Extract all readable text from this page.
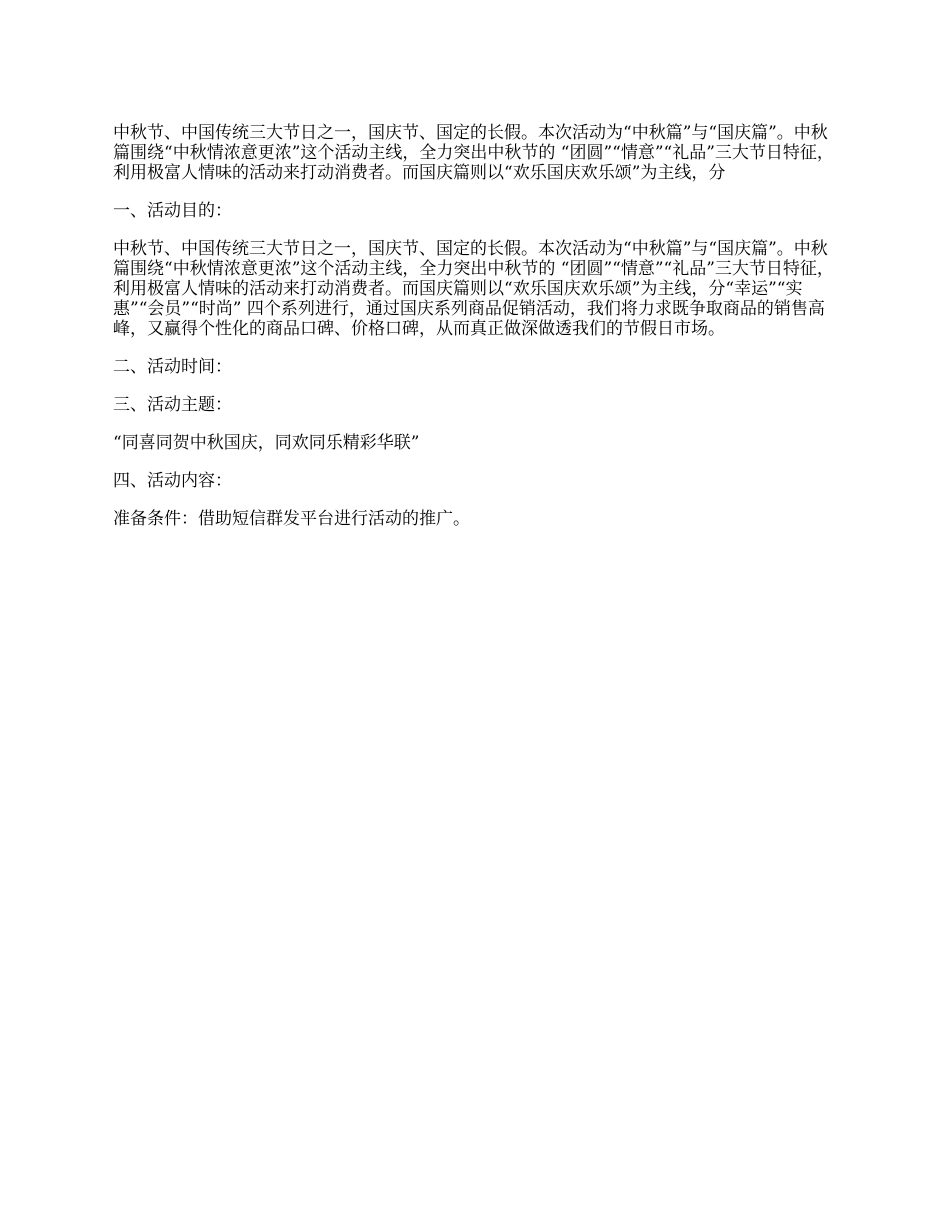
中秋节、中国传统三大节日之一，国庆节、国定的长假。本次活动为“中秋篇”与“国庆篇”。中秋篇围绕“中秋情浓意更浓”这个活动主线，全力突出中秋节的 “团圆”“情意”“礼品”三大节日特征，利用极富人情味的活动来打动消费者。而国庆篇则以“欢乐国庆欢乐颂”为主线，分

一、活动目的：

中秋节、中国传统三大节日之一，国庆节、国定的长假。本次活动为“中秋篇”与“国庆篇”。中秋篇围绕“中秋情浓意更浓”这个活动主线，全力突出中秋节的 “团圆”“情意”“礼品”三大节日特征，利用极富人情味的活动来打动消费者。而国庆篇则以“欢乐国庆欢乐颂”为主线，分“幸运”“实惠”“会员”“时尚” 四个系列进行，通过国庆系列商品促销活动，我们将力求既争取商品的销售高峰，又赢得个性化的商品口碑、价格口碑，从而真正做深做透我们的节假日市场。

二、活动时间：

三、活动主题：

“同喜同贺中秋国庆，同欢同乐精彩华联”

四、活动内容：

准备条件：借助短信群发平台进行活动的推广。
